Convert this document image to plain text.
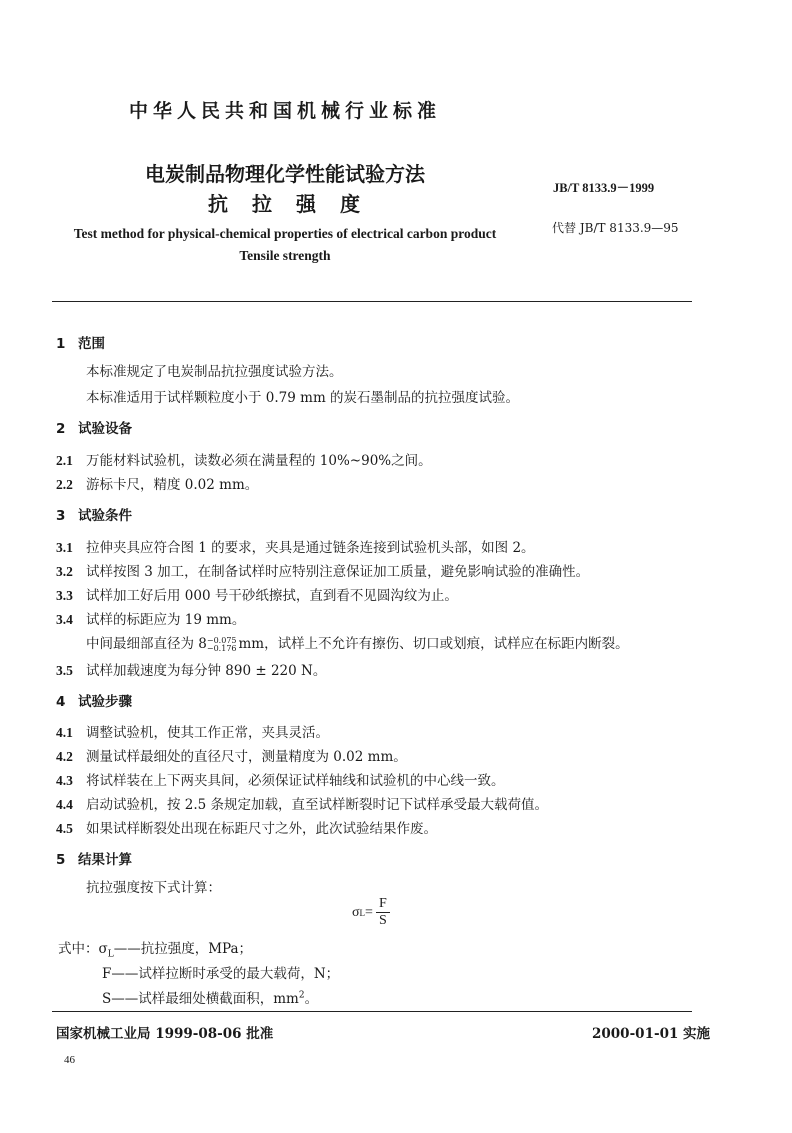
中华人民共和国机械行业标准
电炭制品物理化学性能试验方法
抗　拉　强　度
JB/T 8133.9－1999
代替 JB/T 8133.9—95
Test method for physical-chemical properties of electrical carbon product
Tensile strength
1 范围
本标准规定了电炭制品抗拉强度试验方法。
本标准适用于试样颗粒度小于 0.79 mm 的炭石墨制品的抗拉强度试验。
2 试验设备
2.1 万能材料试验机，读数必须在满量程的 10%~90%之间。
2.2 游标卡尺，精度 0.02 mm。
3 试验条件
3.1 拉伸夹具应符合图 1 的要求，夹具是通过链条连接到试验机头部，如图 2。
3.2 试样按图 3 加工，在制备试样时应特别注意保证加工质量，避免影响试验的准确性。
3.3 试样加工好后用 000 号干砂纸擦拭，直到看不见圆沟纹为止。
3.4 试样的标距应为 19 mm。
中间最细部直径为 8 −0.075
−0.176 mm，试样上不允许有擦伤、切口或划痕，试样应在标距内断裂。
3.5 试样加载速度为每分钟 890 ± 220 N。
4 试验步骤
4.1 调整试验机，使其工作正常，夹具灵活。
4.2 测量试样最细处的直径尺寸，测量精度为 0.02 mm。
4.3 将试样装在上下两夹具间，必须保证试样轴线和试验机的中心线一致。
4.4 启动试验机，按 2.5 条规定加载，直至试样断裂时记下试样承受最大载荷值。
4.5 如果试样断裂处出现在标距尺寸之外，此次试验结果作废。
5 结果计算
抗拉强度按下式计算：
σ $L = \frac{F}{S}$
式中：$\sigma_L——$抗拉强度，MPa；
F——试样拉断时承受的最大载荷，N；
S——试样最细处横截面积，$mm^2$。
国家机械工业局 1999-08-06 批准	2000-01-01 实施
46
